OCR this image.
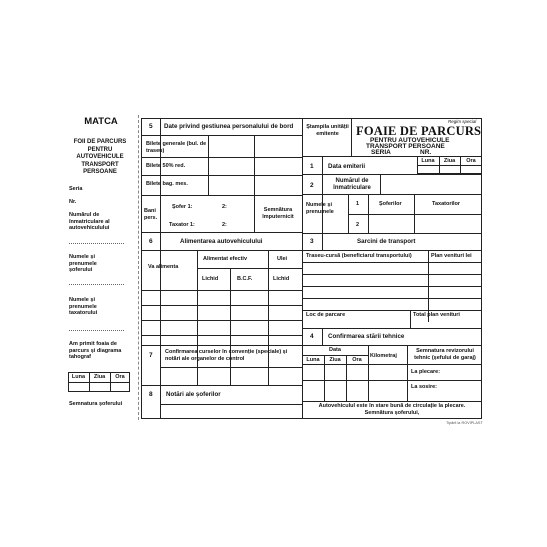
MATCA
FOII DE PARCURS PENTRU AUTOVEHICULE TRANSPORT PERSOANE
Seria
Nr.
Numărul de înmatriculare al autovehiculului
Numele și prenumele șoferului
Numele și prenumele taxatorului
Am primit foaia de parcurs și diagrama tahograf
Luna	Ziua	Ora
Semnatura șoferului
5 Date privind gestiunea personalului de bord
Bilete generale (bul. de traseu)
Bilete 50% red.
Bilete bag. mes.
Bani pers.
Șofer 1:	2:
Taxator 1:	2:
Semnătura împuternicit
6	Alimentarea autovehiculului
Va alimenta
Alimentat efectiv	Ulei
Lichid	B.C.F.	Lichid
7 Confirmarea curselor în convenție (speciale) și notări ale organelor de control
8 Notări ale șoferilor
Ștampila unității emitente
Regim special
FOAIE DE PARCURS
PENTRU AUTOVEHICULE
TRANSPORT PERSOANE
SERIA	NR.
1 Data emiterii
Luna	Ziua	Ora
2
Numărul de înmatriculare
Numele și prenumele
1
2
Șoferilor	Taxatorilor
3	Sarcini de transport
Traseu-cursă (beneficiarul transportului)	Plan venituri lei
Loc de parcare	Total plan venituri
4 Confirmarea stării tehnice
Data
Luna	Ziua	Ora
Kilometraj
Semnatura revizorului tehnic (șefului de garaj)
La plecare:
La sosire:
Autovehiculul este în stare bună de circulație la plecare. Semnătura șoferului,
Tipărit la ROVIPLAST
